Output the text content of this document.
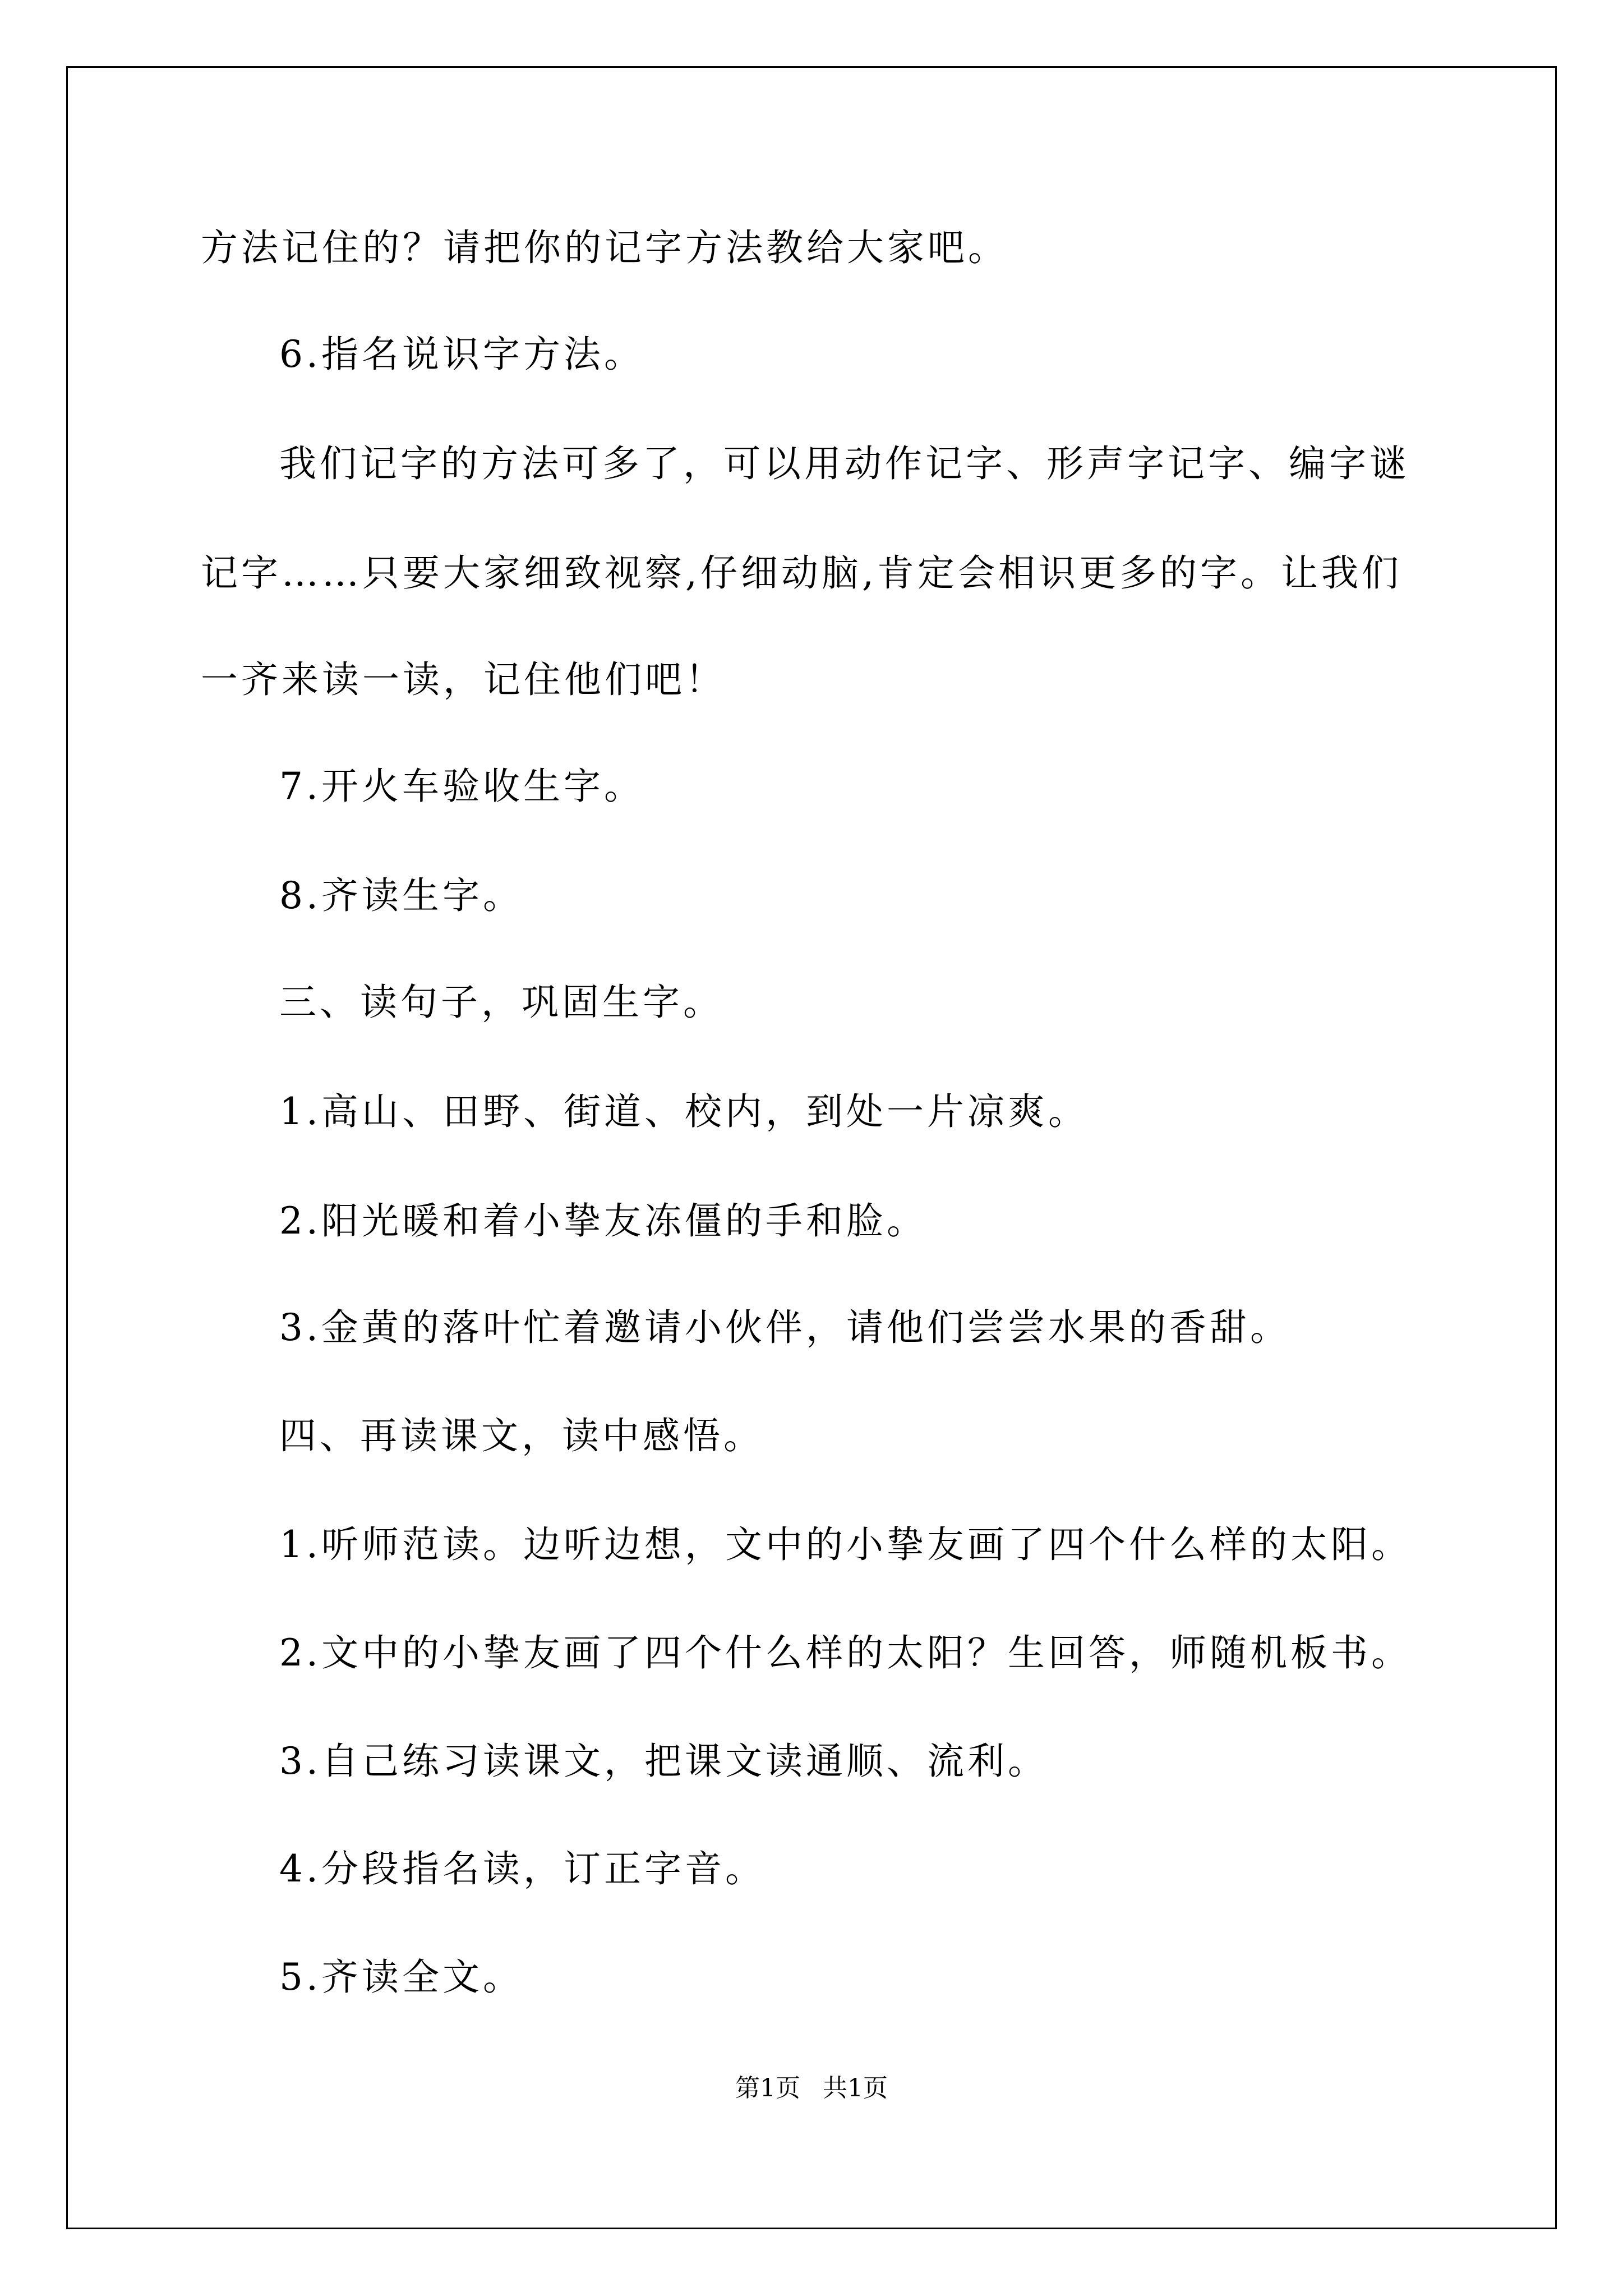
方法记住的？请把你的记字方法教给大家吧。
6.指名说识字方法。
我们记字的方法可多了，可以用动作记字、形声字记字、编字谜
记字……只要大家细致视察,仔细动脑,肯定会相识更多的字。让我们
一齐来读一读，记住他们吧！
7.开火车验收生字。
8.齐读生字。
三、读句子，巩固生字。
1.高山、田野、街道、校内，到处一片凉爽。
2.阳光暖和着小挚友冻僵的手和脸。
3.金黄的落叶忙着邀请小伙伴，请他们尝尝水果的香甜。
四、再读课文，读中感悟。
1.听师范读。边听边想，文中的小挚友画了四个什么样的太阳。
2.文中的小挚友画了四个什么样的太阳？生回答，师随机板书。
3.自己练习读课文，把课文读通顺、流利。
4.分段指名读，订正字音。
5.齐读全文。
第1页 共1页
